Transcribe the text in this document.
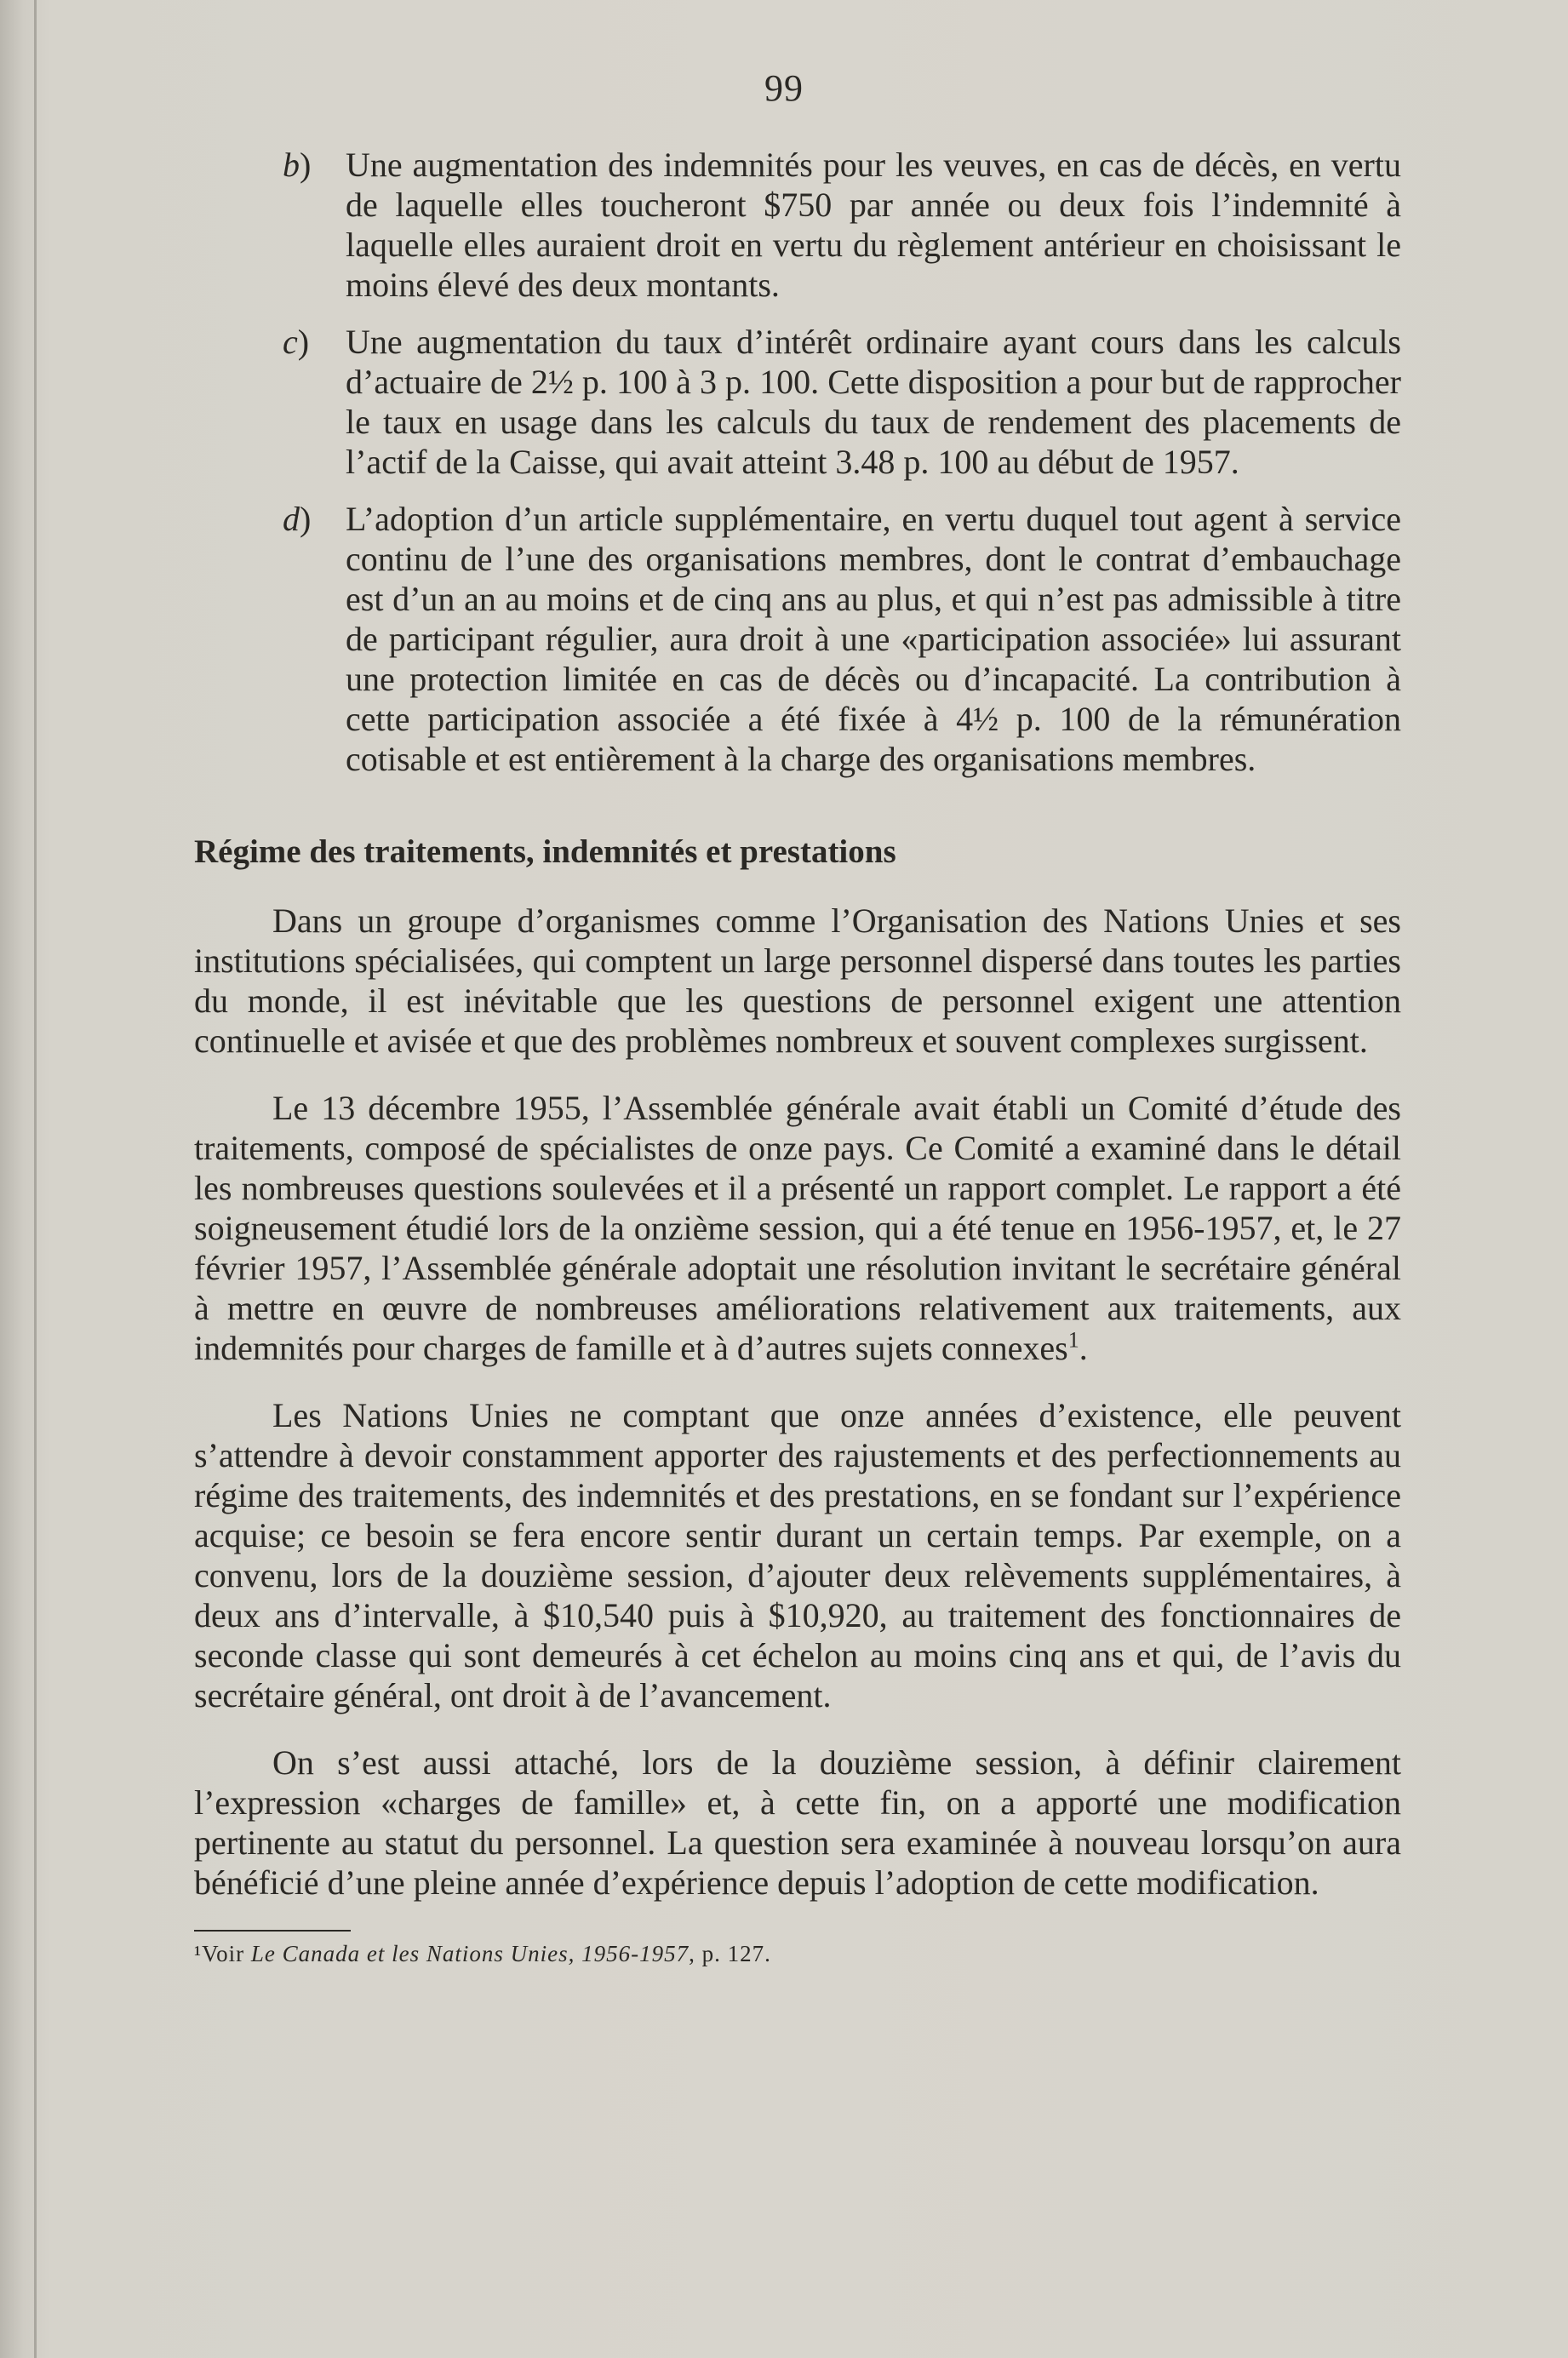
99
b) Une augmentation des indemnités pour les veuves, en cas de décès, en vertu de laquelle elles toucheront $750 par année ou deux fois l’indemnité à laquelle elles auraient droit en vertu du règlement antérieur en choisissant le moins élevé des deux montants.
c) Une augmentation du taux d’intérêt ordinaire ayant cours dans les calculs d’actuaire de 2½ p. 100 à 3 p. 100. Cette disposition a pour but de rapprocher le taux en usage dans les calculs du taux de rendement des placements de l’actif de la Caisse, qui avait atteint 3.48 p. 100 au début de 1957.
d) L’adoption d’un article supplémentaire, en vertu duquel tout agent à service continu de l’une des organisations membres, dont le contrat d’embauchage est d’un an au moins et de cinq ans au plus, et qui n’est pas admissible à titre de participant régulier, aura droit à une «participation associée» lui assurant une protection limitée en cas de décès ou d’incapacité. La contribution à cette participation associée a été fixée à 4½ p. 100 de la rémunération cotisable et est entièrement à la charge des organisations membres.
Régime des traitements, indemnités et prestations

Dans un groupe d’organismes comme l’Organisation des Nations Unies et ses institutions spécialisées, qui comptent un large personnel dispersé dans toutes les parties du monde, il est inévitable que les questions de personnel exigent une attention continuelle et avisée et que des problèmes nombreux et souvent complexes surgissent.

Le 13 décembre 1955, l’Assemblée générale avait établi un Comité d’étude des traitements, composé de spécialistes de onze pays. Ce Comité a examiné dans le détail les nombreuses questions soulevées et il a présenté un rapport complet. Le rapport a été soigneusement étudié lors de la onzième session, qui a été tenue en 1956-1957, et, le 27 février 1957, l’Assemblée générale adoptait une résolution invitant le secrétaire général à mettre en œuvre de nombreuses améliorations relativement aux traitements, aux indemnités pour charges de famille et à d’autres sujets connexes$^1$.

Les Nations Unies ne comptant que onze années d’existence, elle peuvent s’attendre à devoir constamment apporter des rajustements et des perfectionnements au régime des traitements, des indemnités et des prestations, en se fondant sur l’expérience acquise; ce besoin se fera encore sentir durant un certain temps. Par exemple, on a convenu, lors de la douzième session, d’ajouter deux relèvements supplémentaires, à deux ans d’intervalle, à $10,540 puis à $10,920, au traitement des fonctionnaires de seconde classe qui sont demeurés à cet échelon au moins cinq ans et qui, de l’avis du secrétaire général, ont droit à de l’avancement.

On s’est aussi attaché, lors de la douzième session, à définir clairement l’expression «charges de famille» et, à cette fin, on a apporté une modification pertinente au statut du personnel. La question sera examinée à nouveau lorsqu’on aura bénéficié d’une pleine année d’expérience depuis l’adoption de cette modification.

¹Voir Le Canada et les Nations Unies, 1956-1957, p. 127.
